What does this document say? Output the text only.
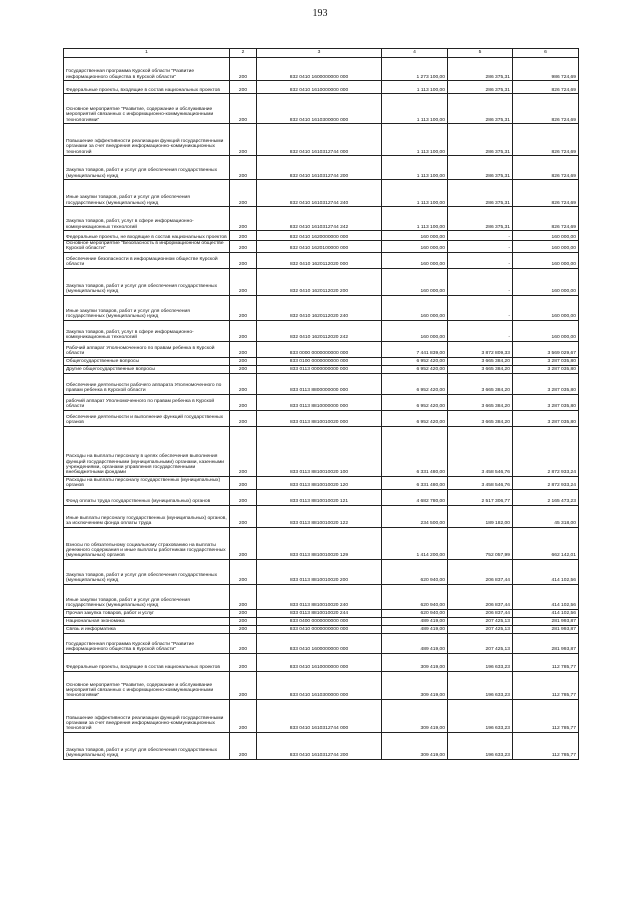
193
1	2	3	4	5	6
Государственная программа Курской области "Развитие информационного общества в Курской области"	200	832 0410 1600000000 000	1 273 100,00	286 375,31	986 724,69
Федеральные проекты, входящие в состав национальных проектов	200	832 0410 1610000000 000	1 113 100,00	286 375,31	826 724,69
Основное мероприятие "Развитие, содержание и обслуживание мероприятий связанных с информационно-коммуникационными технологиями"	200	832 0410 1610300000 000	1 113 100,00	286 375,31	826 724,69
Повышение эффективности реализации функций государственными органами за счет внедрения информационно-коммуникационных технологий	200	832 0410 1610312744 000	1 113 100,00	286 375,31	826 724,69
Закупка товаров, работ и услуг для обеспечения государственных (муниципальных) нужд	200	832 0410 1610312744 200	1 113 100,00	286 375,31	826 724,69
Иные закупки товаров, работ и услуг для обеспечения государственных (муниципальных) нужд	200	832 0410 1610312744 240	1 113 100,00	286 375,31	826 724,69
Закупка товаров, работ, услуг в сфере информационно-коммуникационных технологий	200	832 0410 1610312744 242	1 113 100,00	286 375,31	826 724,69
Федеральные проекты, не входящие в состав национальных проектов	200	832 0410 1620000000 000	160 000,00	-	160 000,00
Основное мероприятие "Безопасность в информационном обществе Курской области"	200	832 0410 1620100000 000	160 000,00	-	160 000,00
Обеспечение безопасности в информационном обществе Курской области	200	832 0410 1620112020 000	160 000,00	-	160 000,00
Закупка товаров, работ и услуг для обеспечения государственных (муниципальных) нужд	200	832 0410 1620112020 200	160 000,00	-	160 000,00
Иные закупки товаров, работ и услуг для обеспечения государственных (муниципальных) нужд	200	832 0410 1620112020 240	160 000,00	-	160 000,00
Закупка товаров, работ, услуг в сфере информационно-коммуникационных технологий	200	832 0410 1620112020 242	160 000,00	-	160 000,00
Рабочий аппарат Уполномоченного по правам ребенка в Курской области	200	833 0000 0000000000 000	7 441 839,00	3 872 809,33	3 569 029,67
Общегосударственные вопросы	200	833 0100 0000000000 000	6 952 420,00	3 665 384,20	3 287 035,80
Другие общегосударственные вопросы	200	833 0113 0000000000 000	6 952 420,00	3 665 384,20	3 287 035,80
Обеспечение деятельности рабочего аппарата Уполномоченного по правам ребенка в Курской области	200	833 0113 8800000000 000	6 952 420,00	3 665 384,20	3 287 035,80
рабочий аппарат Уполномоченного по правам ребенка в Курской области	200	833 0113 8810000000 000	6 952 420,00	3 665 384,20	3 287 035,80
Обеспечение деятельности и выполнение функций государственных органов	200	833 0113 8810010020 000	6 952 420,00	3 665 384,20	3 287 035,80
Расходы на выплаты персоналу в целях обеспечения выполнения функций государственными (муниципальными) органами, казенными учреждениями, органами управления государственными внебюджетными фондами	200	833 0113 8810010020 100	6 331 480,00	3 458 546,76	2 872 933,24
Расходы на выплаты персоналу государственных (муниципальных) органов	200	833 0113 8810010020 120	6 331 480,00	3 458 546,76	2 872 933,24
Фонд оплаты труда государственных (муниципальных) органов	200	833 0113 8810010020 121	4 682 780,00	2 517 306,77	2 165 473,23
Иные выплаты персоналу государственных (муниципальных) органов, за исключением фонда оплаты труда	200	833 0113 8810010020 122	234 500,00	189 182,00	45 318,00
Взносы по обязательному социальному страхованию на выплаты денежного содержания и иные выплаты работникам государственных (муниципальных) органов	200	833 0113 8810010020 129	1 414 200,00	752 057,99	662 142,01
Закупка товаров, работ и услуг для обеспечения государственных (муниципальных) нужд	200	833 0113 8810010020 200	620 940,00	206 837,44	414 102,56
Иные закупки товаров, работ и услуг для обеспечения государственных (муниципальных) нужд	200	833 0113 8810010020 240	620 940,00	206 837,44	414 102,56
Прочая закупка товаров, работ и услуг	200	833 0113 8810010020 244	620 940,00	206 837,44	414 102,56
Национальная экономика	200	833 0400 0000000000 000	489 419,00	207 425,13	281 993,87
Связь и информатика	200	833 0410 0000000000 000	489 419,00	207 425,13	281 993,87
Государственная программа Курской области "Развитие информационного общества в Курской области"	200	833 0410 1600000000 000	489 419,00	207 425,13	281 993,87
Федеральные проекты, входящие в состав национальных проектов	200	833 0410 1610000000 000	309 419,00	196 633,23	112 785,77
Основное мероприятие "Развитие, содержание и обслуживание мероприятий связанных с информационно-коммуникационными технологиями"	200	833 0410 1610300000 000	309 419,00	196 633,23	112 785,77
Повышение эффективности реализации функций государственными органами за счет внедрения информационно-коммуникационных технологий	200	833 0410 1610312744 000	309 419,00	196 633,23	112 785,77
Закупка товаров, работ и услуг для обеспечения государственных (муниципальных) нужд	200	833 0410 1610312744 200	309 419,00	196 633,23	112 785,77
